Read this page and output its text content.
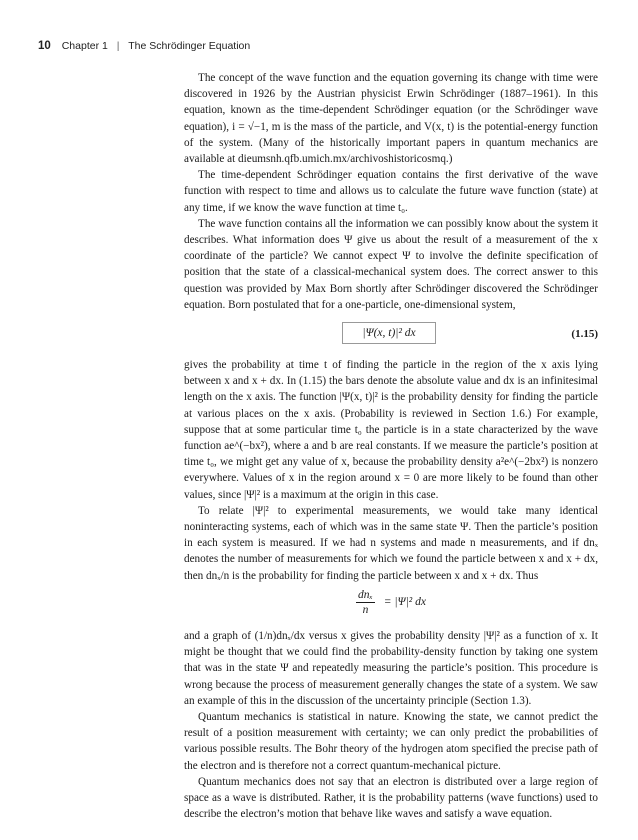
10 Chapter 1 | The Schrödinger Equation

The concept of the wave function and the equation governing its change with time were discovered in 1926 by the Austrian physicist Erwin Schrödinger (1887–1961). In this equation, known as the time-dependent Schrödinger equation (or the Schrödinger wave equation), i = √−1, m is the mass of the particle, and V(x, t) is the potential-energy function of the system. (Many of the historically important papers in quantum mechanics are available at dieumsnh.qfb.umich.mx/archivoshistoricosmq.)

The time-dependent Schrödinger equation contains the first derivative of the wave function with respect to time and allows us to calculate the future wave function (state) at any time, if we know the wave function at time t₀.

The wave function contains all the information we can possibly know about the system it describes. What information does Ψ give us about the result of a measurement of the x coordinate of the particle? We cannot expect Ψ to involve the definite specification of position that the state of a classical-mechanical system does. The correct answer to this question was provided by Max Born shortly after Schrödinger discovered the Schrödinger equation. Born postulated that for a one-particle, one-dimensional system,

|Ψ(x, t)|² dx	(1.15)

gives the probability at time t of finding the particle in the region of the x axis lying between x and x + dx. In (1.15) the bars denote the absolute value and dx is an infinitesimal length on the x axis. The function |Ψ(x, t)|² is the probability density for finding the particle at various places on the x axis. (Probability is reviewed in Section 1.6.) For example, suppose that at some particular time t₀ the particle is in a state characterized by the wave function ae^(−bx²), where a and b are real constants. If we measure the particle’s position at time t₀, we might get any value of x, because the probability density a²e^(−2bx²) is nonzero everywhere. Values of x in the region around x = 0 are more likely to be found than other values, since |Ψ|² is a maximum at the origin in this case.

To relate |Ψ|² to experimental measurements, we would take many identical noninteracting systems, each of which was in the same state Ψ. Then the particle’s position in each system is measured. If we had n systems and made n measurements, and if dnₓ denotes the number of measurements for which we found the particle between x and x + dx, then dnₓ/n is the probability for finding the particle between x and x + dx. Thus

$\frac{\text{dnₓ}}{n} = |\Psi|^2$ dx

and a graph of (1/n)dnₓ/dx versus x gives the probability density |Ψ|² as a function of x. It might be thought that we could find the probability-density function by taking one system that was in the state Ψ and repeatedly measuring the particle’s position. This procedure is wrong because the process of measurement generally changes the state of a system. We saw an example of this in the discussion of the uncertainty principle (Section 1.3).

Quantum mechanics is statistical in nature. Knowing the state, we cannot predict the result of a position measurement with certainty; we can only predict the probabilities of various possible results. The Bohr theory of the hydrogen atom specified the precise path of the electron and is therefore not a correct quantum-mechanical picture.

Quantum mechanics does not say that an electron is distributed over a large region of space as a wave is distributed. Rather, it is the probability patterns (wave functions) used to describe the electron’s motion that behave like waves and satisfy a wave equation.
